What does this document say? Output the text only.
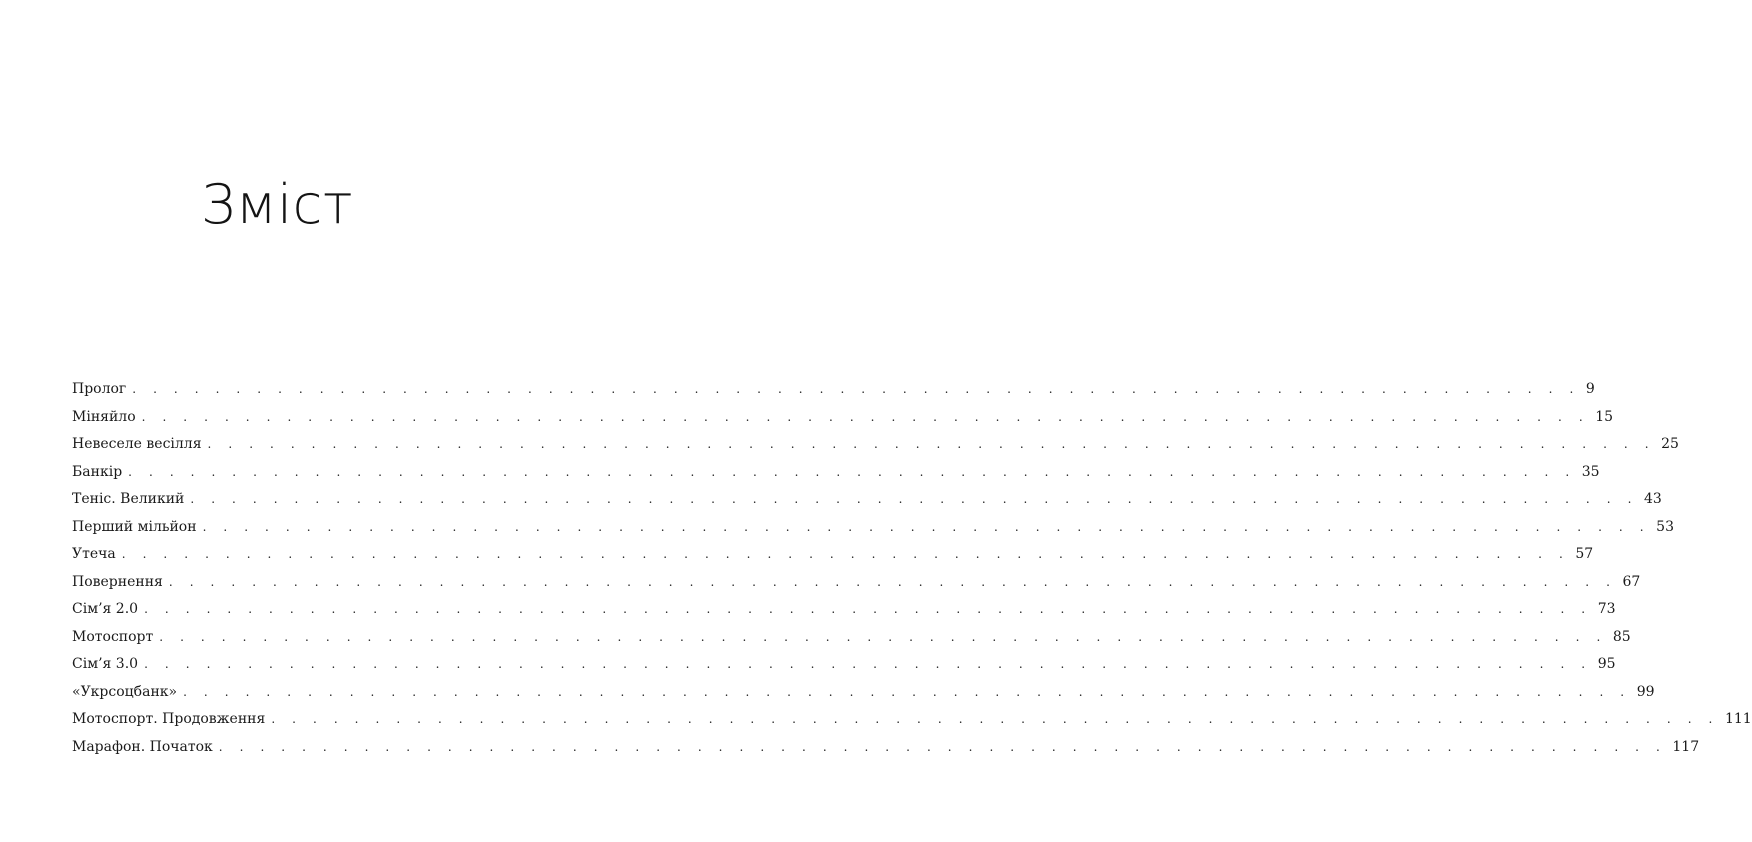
Зміст
Пролог . . . . . . . . . . . . . . . . . . . . . . . . . . . . . . . . . . . . . . . . . . . . . . . . . . . . . . . . . . . . . . . . . . . . . . 9
Міняйло . . . . . . . . . . . . . . . . . . . . . . . . . . . . . . . . . . . . . . . . . . . . . . . . . . . . . . . . . . . . . . . . . . . . . . 15
Невеселе весілля . . . . . . . . . . . . . . . . . . . . . . . . . . . . . . . . . . . . . . . . . . . . . . . . . . . . . . . . . . . . . . . . . . . . . . 25
Банкір . . . . . . . . . . . . . . . . . . . . . . . . . . . . . . . . . . . . . . . . . . . . . . . . . . . . . . . . . . . . . . . . . . . . . . 35
Теніс. Великий . . . . . . . . . . . . . . . . . . . . . . . . . . . . . . . . . . . . . . . . . . . . . . . . . . . . . . . . . . . . . . . . . . . . . . 43
Перший мільйон . . . . . . . . . . . . . . . . . . . . . . . . . . . . . . . . . . . . . . . . . . . . . . . . . . . . . . . . . . . . . . . . . . . . . . 53
Утеча . . . . . . . . . . . . . . . . . . . . . . . . . . . . . . . . . . . . . . . . . . . . . . . . . . . . . . . . . . . . . . . . . . . . . . 57
Повернення . . . . . . . . . . . . . . . . . . . . . . . . . . . . . . . . . . . . . . . . . . . . . . . . . . . . . . . . . . . . . . . . . . . . . . 67
Сім’я 2.0 . . . . . . . . . . . . . . . . . . . . . . . . . . . . . . . . . . . . . . . . . . . . . . . . . . . . . . . . . . . . . . . . . . . . . . 73
Мотоспорт . . . . . . . . . . . . . . . . . . . . . . . . . . . . . . . . . . . . . . . . . . . . . . . . . . . . . . . . . . . . . . . . . . . . . . 85
Сім’я 3.0 . . . . . . . . . . . . . . . . . . . . . . . . . . . . . . . . . . . . . . . . . . . . . . . . . . . . . . . . . . . . . . . . . . . . . . 95
«Укрсоцбанк» . . . . . . . . . . . . . . . . . . . . . . . . . . . . . . . . . . . . . . . . . . . . . . . . . . . . . . . . . . . . . . . . . . . . . . 99
Мотоспорт. Продовження . . . . . . . . . . . . . . . . . . . . . . . . . . . . . . . . . . . . . . . . . . . . . . . . . . . . . . . . . . . . . . . . . . . . . . 111
Марафон. Початок . . . . . . . . . . . . . . . . . . . . . . . . . . . . . . . . . . . . . . . . . . . . . . . . . . . . . . . . . . . . . . . . . . . . . . 117
